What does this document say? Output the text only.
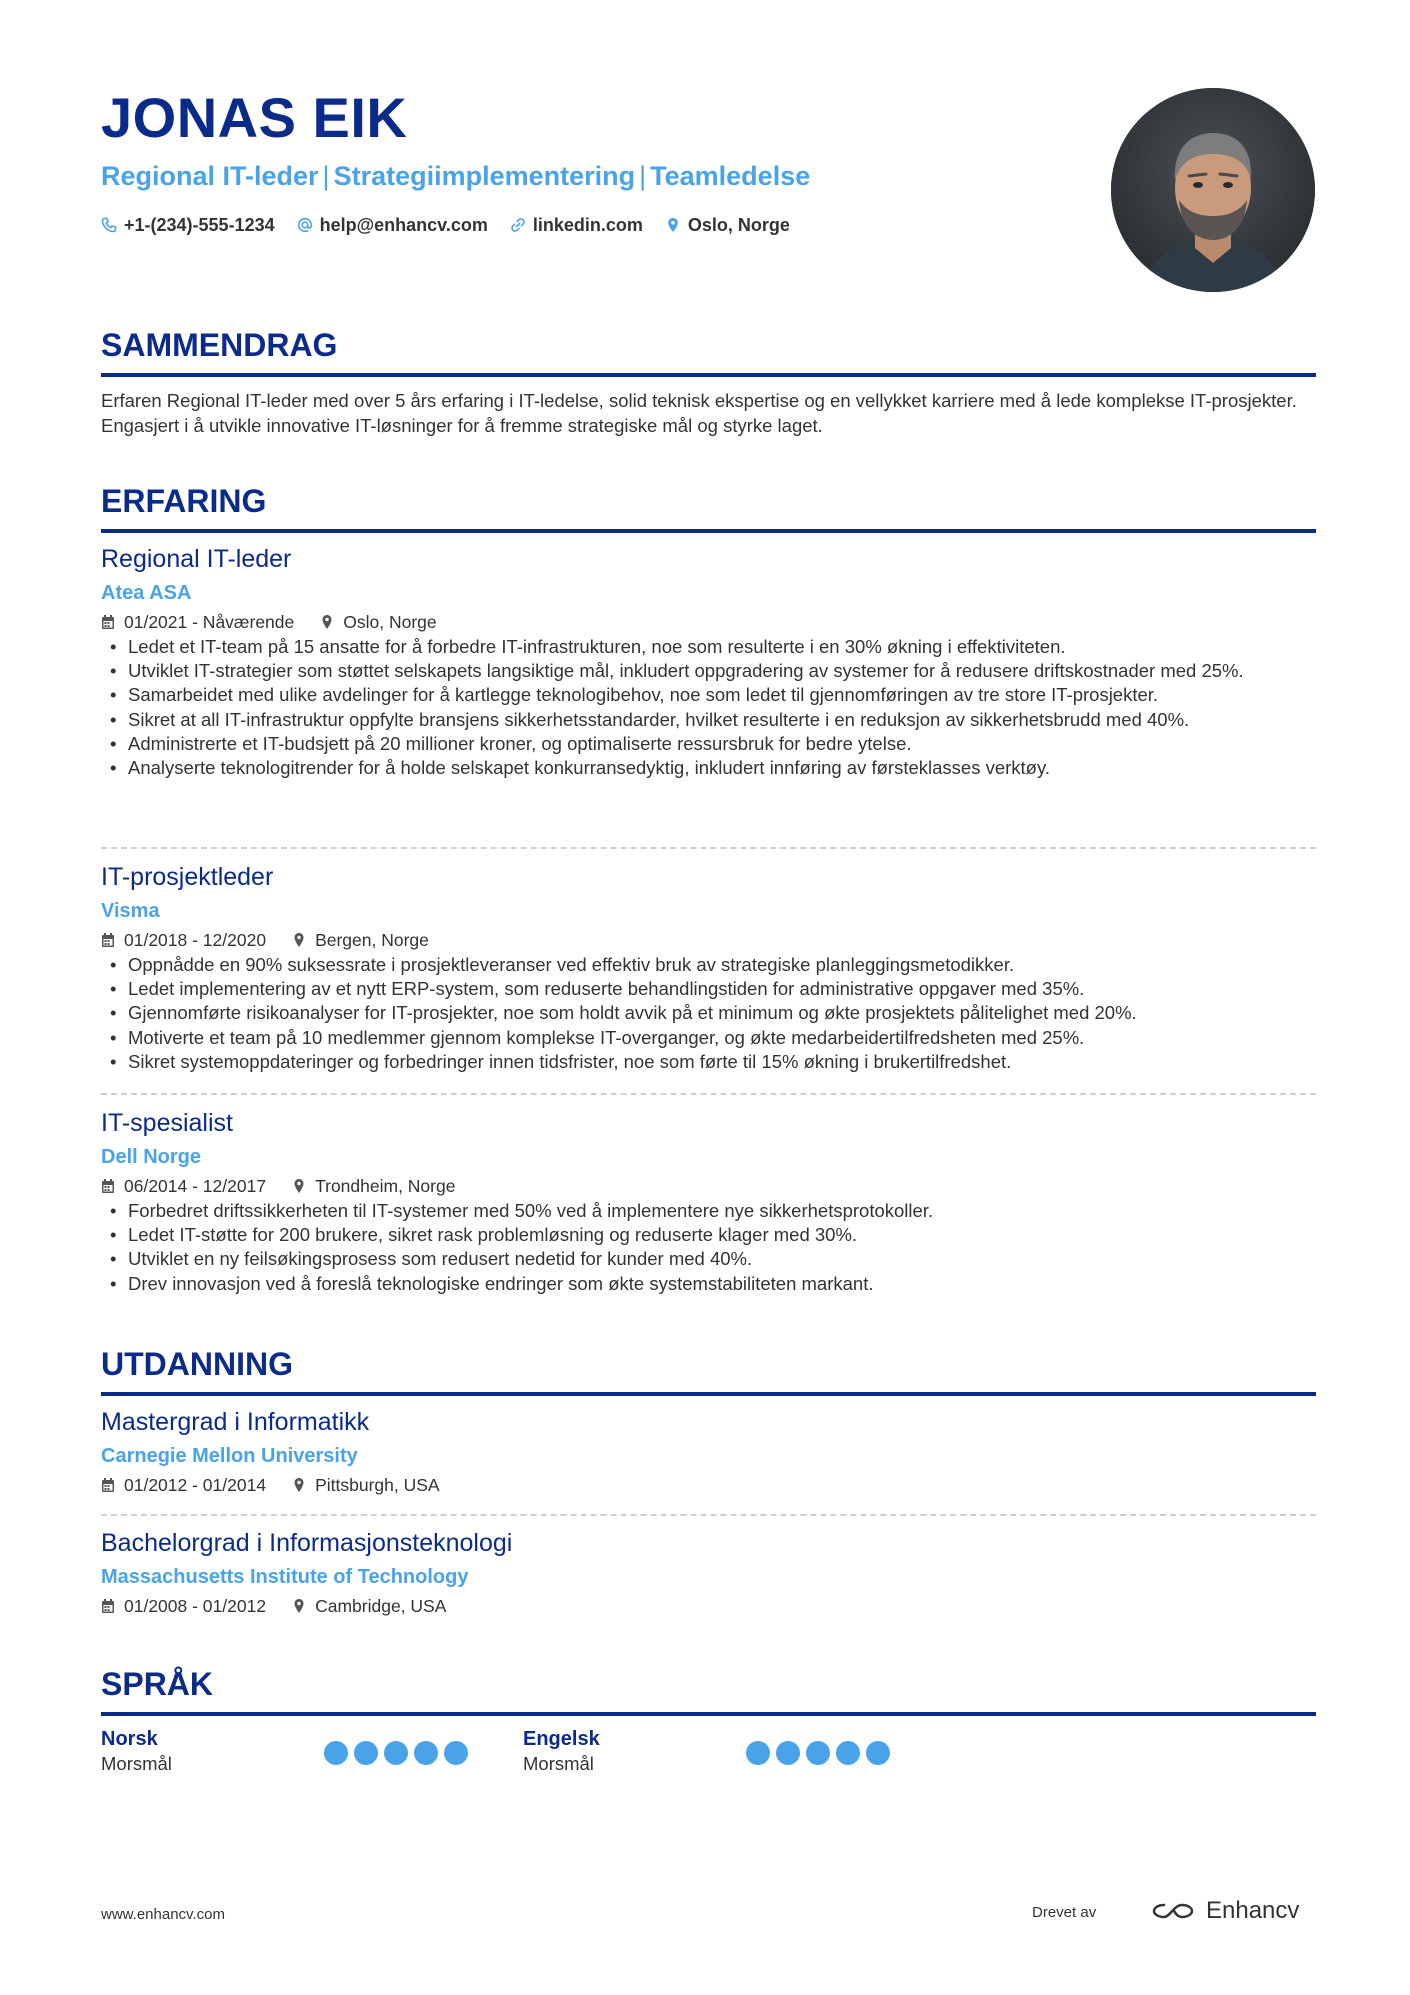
JONAS EIK
Regional IT-leder | Strategiimplementering | Teamledelse
+1-(234)-555-1234	help@enhancv.com	linkedin.com	Oslo, Norge
SAMMENDRAG
Erfaren Regional IT-leder med over 5 års erfaring i IT-ledelse, solid teknisk ekspertise og en vellykket karriere med å lede komplekse IT-prosjekter. Engasjert i å utvikle innovative IT-løsninger for å fremme strategiske mål og styrke laget.
ERFARING
Regional IT-leder
Atea ASA
01/2021 - Nåværende	Oslo, Norge
• Ledet et IT-team på 15 ansatte for å forbedre IT-infrastrukturen, noe som resulterte i en 30% økning i effektiviteten.
• Utviklet IT-strategier som støttet selskapets langsiktige mål, inkludert oppgradering av systemer for å redusere driftskostnader med 25%.
• Samarbeidet med ulike avdelinger for å kartlegge teknologibehov, noe som ledet til gjennomføringen av tre store IT-prosjekter.
• Sikret at all IT-infrastruktur oppfylte bransjens sikkerhetsstandarder, hvilket resulterte i en reduksjon av sikkerhetsbrudd med 40%.
• Administrerte et IT-budsjett på 20 millioner kroner, og optimaliserte ressursbruk for bedre ytelse.
• Analyserte teknologitrender for å holde selskapet konkurransedyktig, inkludert innføring av førsteklasses verktøy.
IT-prosjektleder
Visma
01/2018 - 12/2020	Bergen, Norge
• Oppnådde en 90% suksessrate i prosjektleveranser ved effektiv bruk av strategiske planleggingsmetodikker.
• Ledet implementering av et nytt ERP-system, som reduserte behandlingstiden for administrative oppgaver med 35%.
• Gjennomførte risikoanalyser for IT-prosjekter, noe som holdt avvik på et minimum og økte prosjektets pålitelighet med 20%.
• Motiverte et team på 10 medlemmer gjennom komplekse IT-overganger, og økte medarbeidertilfredsheten med 25%.
• Sikret systemoppdateringer og forbedringer innen tidsfrister, noe som førte til 15% økning i brukertilfredshet.
IT-spesialist
Dell Norge
06/2014 - 12/2017	Trondheim, Norge
• Forbedret driftssikkerheten til IT-systemer med 50% ved å implementere nye sikkerhetsprotokoller.
• Ledet IT-støtte for 200 brukere, sikret rask problemløsning og reduserte klager med 30%.
• Utviklet en ny feilsøkingsprosess som redusert nedetid for kunder med 40%.
• Drev innovasjon ved å foreslå teknologiske endringer som økte systemstabiliteten markant.
UTDANNING
Mastergrad i Informatikk
Carnegie Mellon University
01/2012 - 01/2014	Pittsburgh, USA
Bachelorgrad i Informasjonsteknologi
Massachusetts Institute of Technology
01/2008 - 01/2012	Cambridge, USA
SPRÅK
Norsk
Morsmål
Engelsk
Morsmål
www.enhancv.com	Drevet av	Enhancv
